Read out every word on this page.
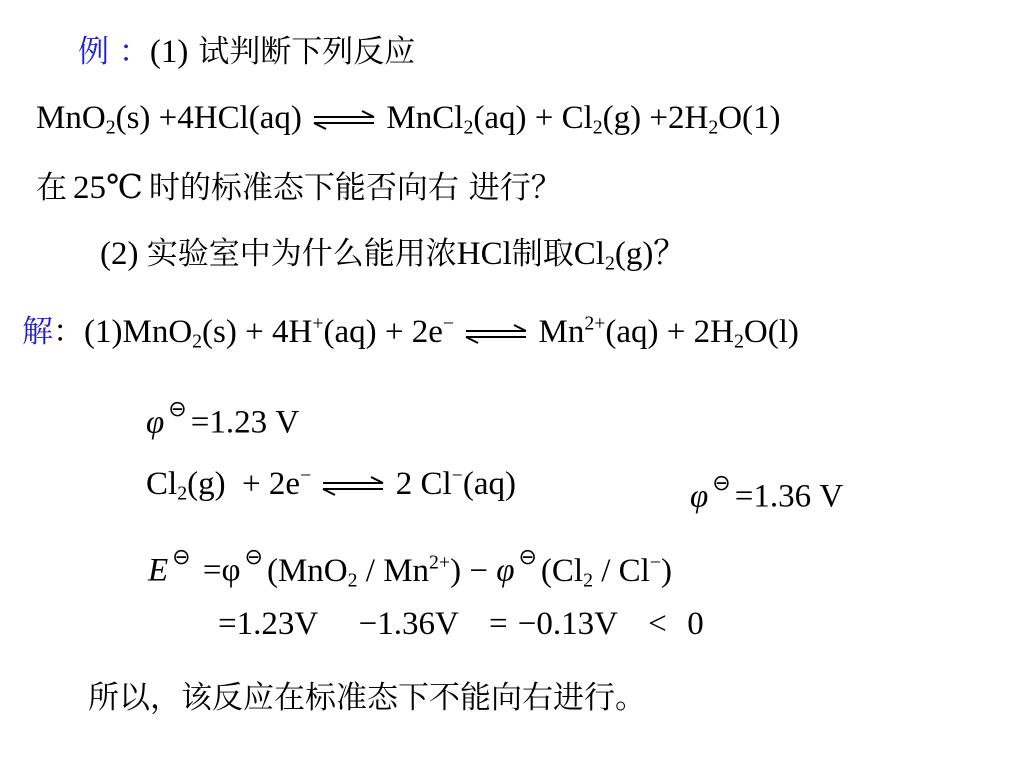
例 ：(1) 试判断下列反应
MnO$_2$(s) +4HCl(aq) ⇌ MnCl$_2$(aq) + $Cl_2(g) +2H_2O(1)$
在 25℃ 时的标准态下能否向右 进行？
(2) 实验室中为什么能用浓HCl制取$Cl_2(g)$？
解：(1)MnO$_2$(s) + 4H+(aq) + 2e− ⇌ $Mn^{2+}(aq) + 2H_2O(l)$
φ ⊖ =1.23 V
$Cl_2(g) + 2e^-$ ⇌ 2 Cl−(aq)	φ ⊖ =1.36 V
E ⊖ =φ ⊖ $(MnO_2 / Mn^{2+}) - \varphi$ ⊖ $(Cl_2 / Cl^-)$
=1.23V    −1.36V   = −0.13V   <  0
所以，该反应在标准态下不能向右进行。
